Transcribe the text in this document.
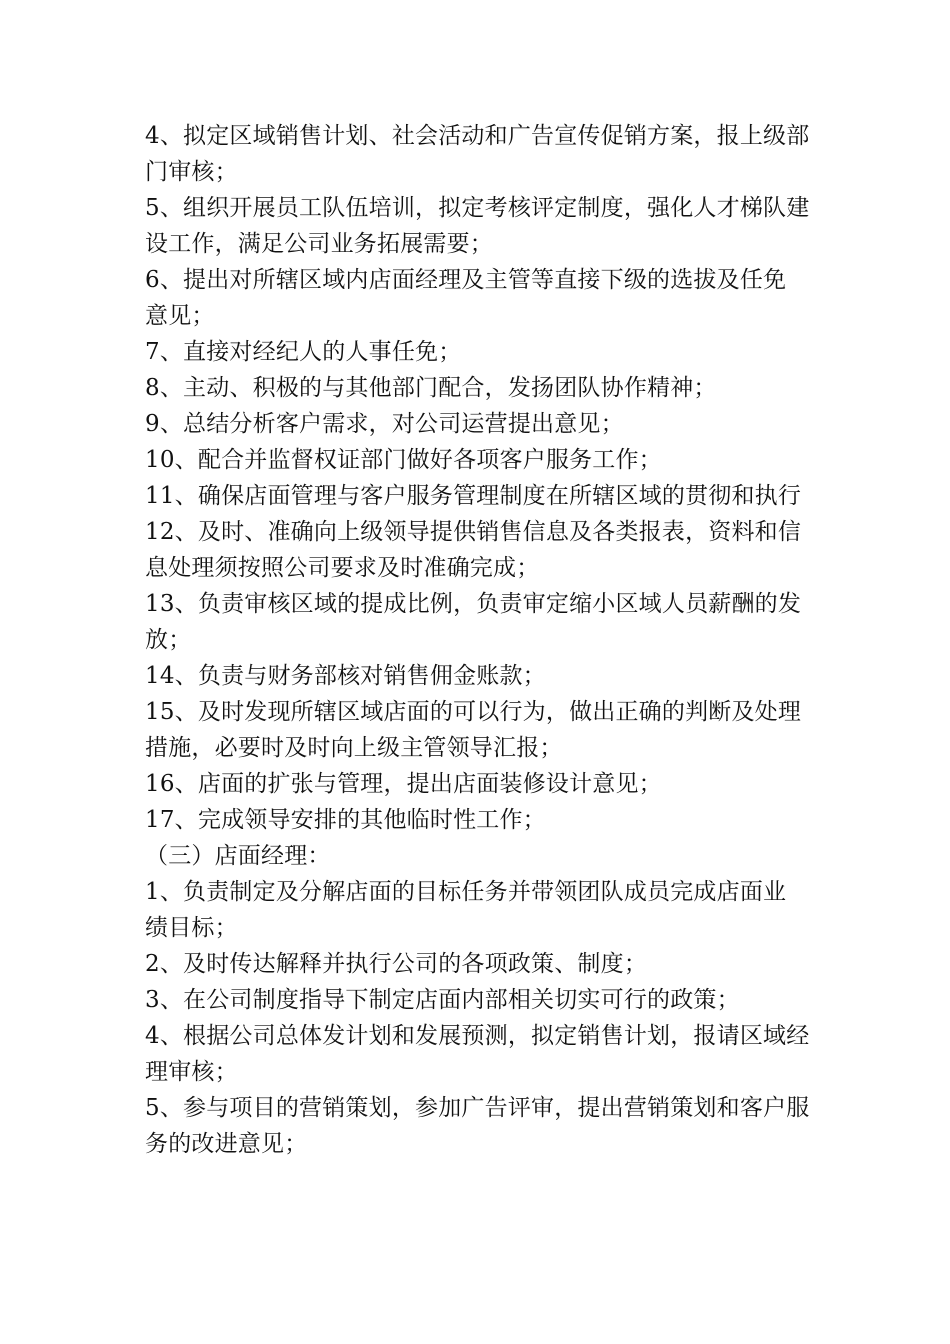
4、拟定区域销售计划、社会活动和广告宣传促销方案，报上级部
门审核；
5、组织开展员工队伍培训，拟定考核评定制度，强化人才梯队建
设工作，满足公司业务拓展需要；
6、提出对所辖区域内店面经理及主管等直接下级的选拔及任免
意见；
7、直接对经纪人的人事任免；
8、主动、积极的与其他部门配合，发扬团队协作精神；
9、总结分析客户需求，对公司运营提出意见；
10、配合并监督权证部门做好各项客户服务工作；
11、确保店面管理与客户服务管理制度在所辖区域的贯彻和执行
12、及时、准确向上级领导提供销售信息及各类报表，资料和信
息处理须按照公司要求及时准确完成；
13、负责审核区域的提成比例，负责审定缩小区域人员薪酬的发
放；
14、负责与财务部核对销售佣金账款；
15、及时发现所辖区域店面的可以行为，做出正确的判断及处理
措施，必要时及时向上级主管领导汇报；
16、店面的扩张与管理，提出店面装修设计意见；
17、完成领导安排的其他临时性工作；
（三）店面经理：
1、负责制定及分解店面的目标任务并带领团队成员完成店面业
绩目标；
2、及时传达解释并执行公司的各项政策、制度；
3、在公司制度指导下制定店面内部相关切实可行的政策；
4、根据公司总体发计划和发展预测，拟定销售计划，报请区域经
理审核；
5、参与项目的营销策划，参加广告评审，提出营销策划和客户服
务的改进意见；
